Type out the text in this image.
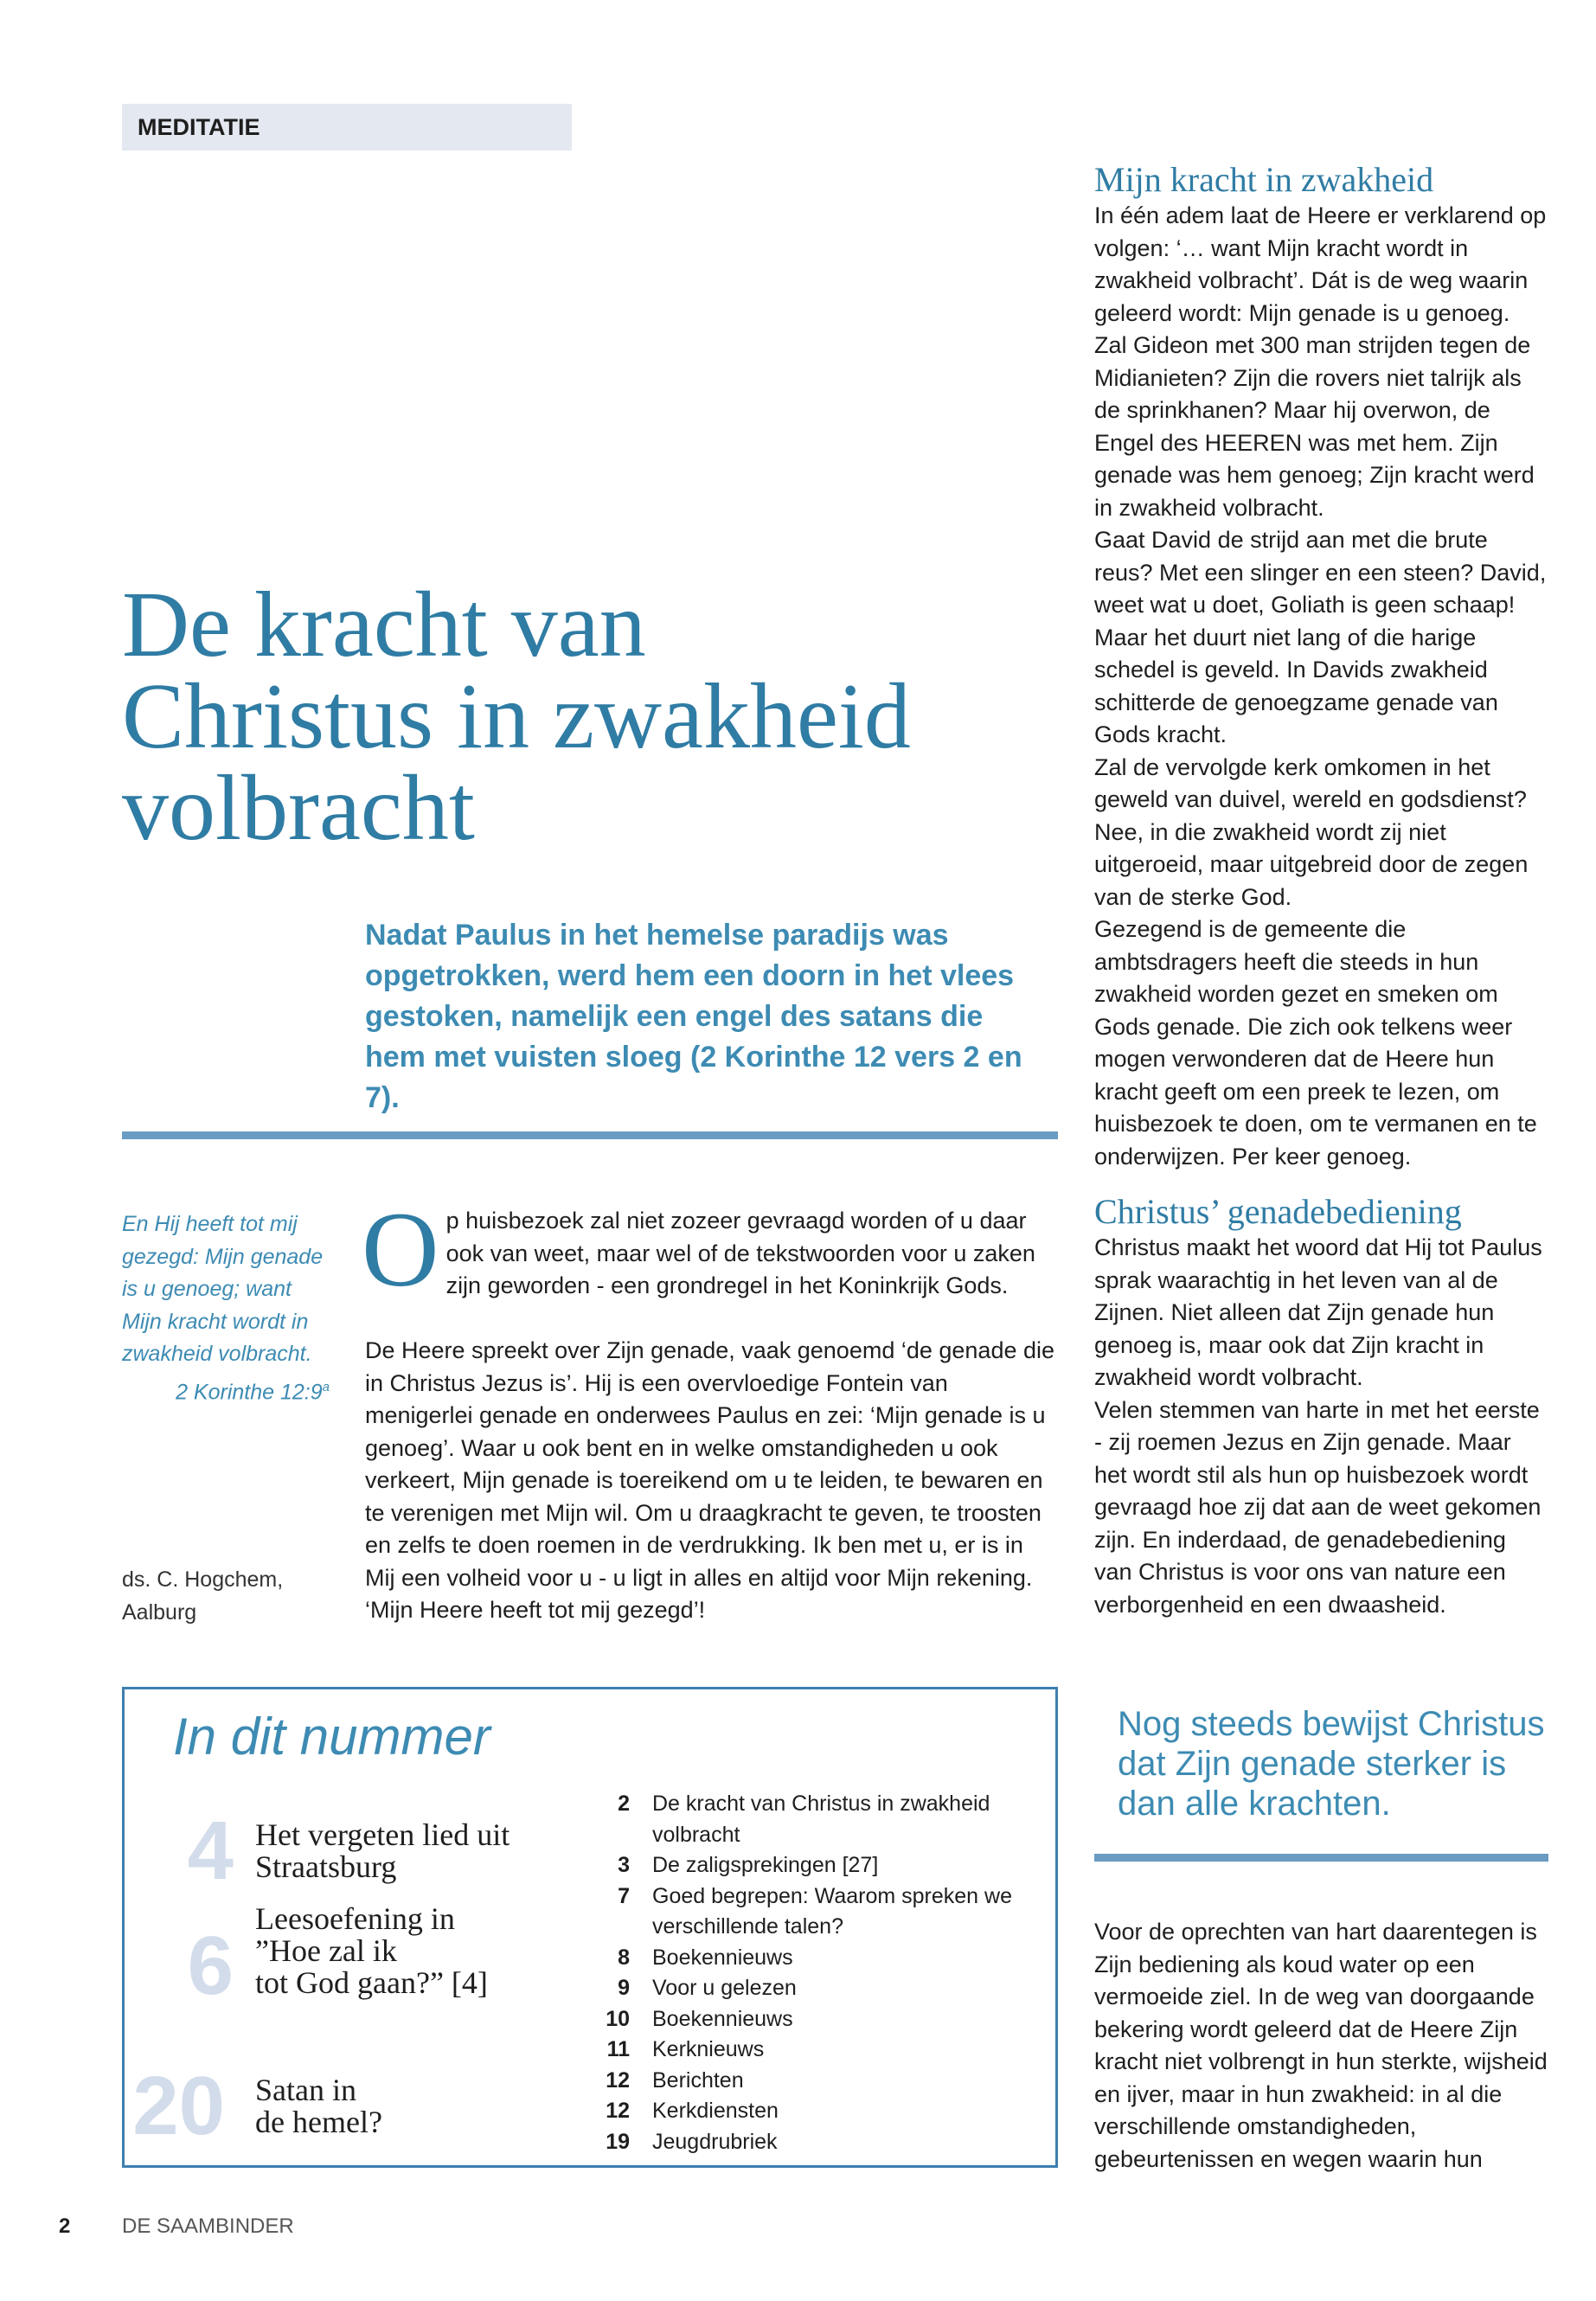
MEDITATIE
De kracht van
Christus in zwakheid
volbracht

Nadat Paulus in het hemelse paradijs was opgetrokken, werd hem een doorn in het vlees gestoken, namelijk een engel des satans die hem met vuisten sloeg (2 Korinthe 12 vers 2 en 7).

En Hij heeft tot mij gezegd: Mijn genade is u genoeg; want Mijn kracht wordt in zwakheid volbracht.
2 Korinthe 12:9$^a$

ds. C. Hogchem,
Aalburg

Op huisbezoek zal niet zozeer gevraagd worden of u daar ook van weet, maar wel of de tekstwoorden voor u zaken zijn geworden - een grondregel in het Koninkrijk Gods.

De Heere spreekt over Zijn genade, vaak genoemd ‘de genade die in Christus Jezus is’. Hij is een overvloedige Fontein van menigerlei genade en onderwees Paulus en zei: ‘Mijn genade is u genoeg’. Waar u ook bent en in welke omstandigheden u ook verkeert, Mijn genade is toereikend om u te leiden, te bewaren en te verenigen met Mijn wil. Om u draagkracht te geven, te troosten en zelfs te doen roemen in de verdrukking. Ik ben met u, er is in Mij een volheid voor u - u ligt in alles en altijd voor Mijn rekening. ‘Mijn Heere heeft tot mij gezegd’!

Mijn kracht in zwakheid

In één adem laat de Heere er verklarend op volgen: ‘… want Mijn kracht wordt in zwakheid volbracht’. Dát is de weg waarin geleerd wordt: Mijn genade is u genoeg. Zal Gideon met 300 man strijden tegen de Midianieten? Zijn die rovers niet talrijk als de sprinkhanen? Maar hij overwon, de Engel des HEEREN was met hem. Zijn genade was hem genoeg; Zijn kracht werd in zwakheid volbracht.

Gaat David de strijd aan met die brute reus? Met een slinger en een steen? David, weet wat u doet, Goliath is geen schaap! Maar het duurt niet lang of die harige schedel is geveld. In Davids zwakheid schitterde de genoegzame genade van Gods kracht.

Zal de vervolgde kerk omkomen in het geweld van duivel, wereld en godsdienst? Nee, in die zwakheid wordt zij niet uitgeroeid, maar uitgebreid door de zegen van de sterke God.

Gezegend is de gemeente die ambtsdragers heeft die steeds in hun zwakheid worden gezet en smeken om Gods genade. Die zich ook telkens weer mogen verwonderen dat de Heere hun kracht geeft om een preek te lezen, om huisbezoek te doen, om te vermanen en te onderwijzen. Per keer genoeg.

Christus’ genadebediening

Christus maakt het woord dat Hij tot Paulus sprak waarachtig in het leven van al de Zijnen. Niet alleen dat Zijn genade hun genoeg is, maar ook dat Zijn kracht in zwakheid wordt volbracht.

Velen stemmen van harte in met het eerste - zij roemen Jezus en Zijn genade. Maar het wordt stil als hun op huisbezoek wordt gevraagd hoe zij dat aan de weet gekomen zijn. En inderdaad, de genadebediening van Christus is voor ons van nature een verborgenheid en een dwaasheid.

Nog steeds bewijst Christus dat Zijn genade sterker is dan alle krachten.

Voor de oprechten van hart daarentegen is Zijn bediening als koud water op een vermoeide ziel. In de weg van doorgaande bekering wordt geleerd dat de Heere Zijn kracht niet volbrengt in hun sterkte, wijsheid en ijver, maar in hun zwakheid: in al die verschillende omstandigheden, gebeurtenissen en wegen waarin hun

In dit nummer

4 Het vergeten lied uit
Straatsburg
6
Leesoefening in
”Hoe zal ik
tot God gaan?” [4]
20 Satan in
de hemel?
2 De kracht van Christus in zwakheid volbracht
3 De zaligsprekingen [27]
7 Goed begrepen: Waarom spreken we verschillende talen?
8 Boekennieuws
9 Voor u gelezen
10 Boekennieuws
11 Kerknieuws
12 Berichten
12 Kerkdiensten
19 Jeugdrubriek
2 DE SAAMBINDER
